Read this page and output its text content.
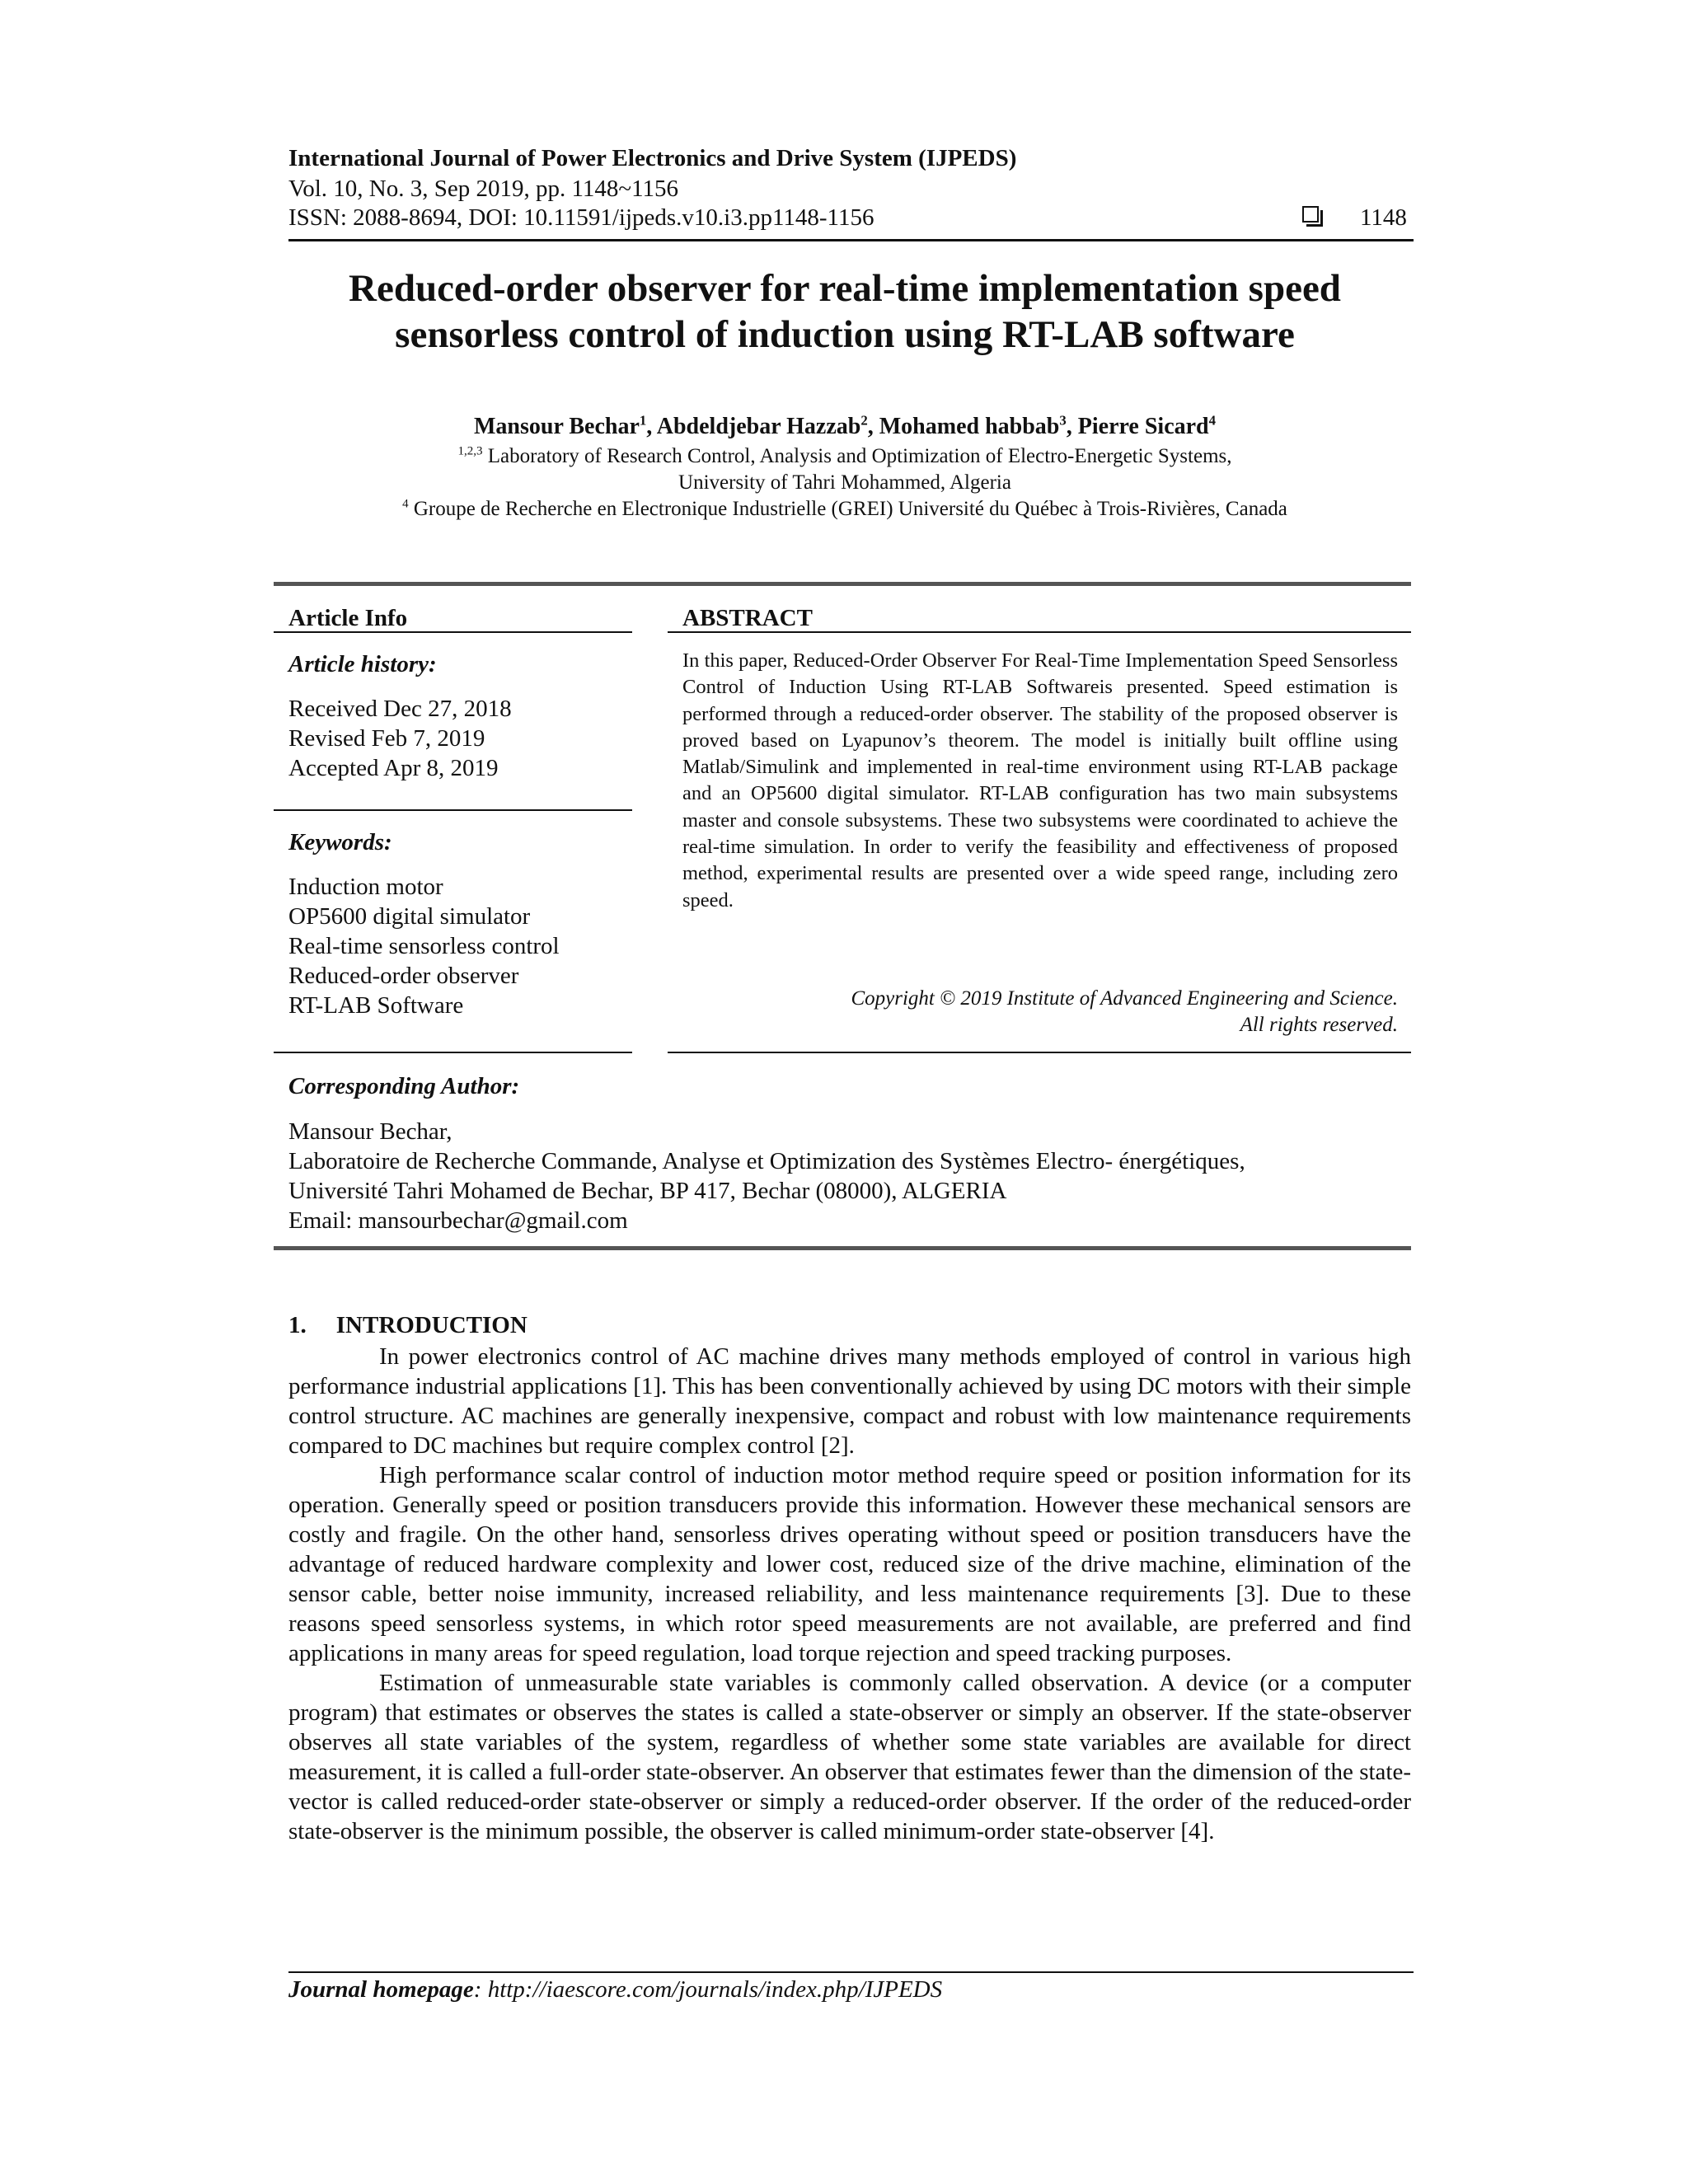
International Journal of Power Electronics and Drive System (IJPEDS)
Vol. 10, No. 3, Sep 2019, pp. 1148~1156
ISSN: 2088-8694, DOI: 10.11591/ijpeds.v10.i3.pp1148-1156	1148
Reduced-order observer for real-time implementation speed
sensorless control of induction using RT-LAB software
Mansour Bechar$^1$, Abdeldjebar Hazzab$^2$, Mohamed habbab$^3$, Pierre Sicard$^4$
$^{1,2,3}$ Laboratory of Research Control, Analysis and Optimization of Electro-Energetic Systems,
University of Tahri Mohammed, Algeria
$^4$ Groupe de Recherche en Electronique Industrielle (GREI) Université du Québec à Trois-Rivières, Canada
Article Info
Article history:
Received Dec 27, 2018
Revised Feb 7, 2019
Accepted Apr 8, 2019
Keywords:
Induction motor
OP5600 digital simulator
Real-time sensorless control
Reduced-order observer
RT-LAB Software
ABSTRACT
In this paper, Reduced-Order Observer For Real-Time Implementation Speed Sensorless Control of Induction Using RT-LAB Softwareis presented. Speed estimation is performed through a reduced-order observer. The stability of the proposed observer is proved based on Lyapunov’s theorem. The model is initially built offline using Matlab/Simulink and implemented in real-time environment using RT-LAB package and an OP5600 digital simulator. RT-LAB configuration has two main subsystems master and console subsystems. These two subsystems were coordinated to achieve the real-time simulation. In order to verify the feasibility and effectiveness of proposed method, experimental results are presented over a wide speed range, including zero speed.
Copyright © 2019 Institute of Advanced Engineering and Science.
All rights reserved.
Corresponding Author:
Mansour Bechar,
Laboratoire de Recherche Commande, Analyse et Optimization des Systèmes Electro- énergétiques,
Université Tahri Mohamed de Bechar, BP 417, Bechar (08000), ALGERIA
Email: mansourbechar@gmail.com
1. INTRODUCTION

In power electronics control of AC machine drives many methods employed of control in various high performance industrial applications [1]. This has been conventionally achieved by using DC motors with their simple control structure. AC machines are generally inexpensive, compact and robust with low maintenance requirements compared to DC machines but require complex control [2].

High performance scalar control of induction motor method require speed or position information for its operation. Generally speed or position transducers provide this information. However these mechanical sensors are costly and fragile. On the other hand, sensorless drives operating without speed or position transducers have the advantage of reduced hardware complexity and lower cost, reduced size of the drive machine, elimination of the sensor cable, better noise immunity, increased reliability, and less maintenance requirements [3]. Due to these reasons speed sensorless systems, in which rotor speed measurements are not available, are preferred and find applications in many areas for speed regulation, load torque rejection and speed tracking purposes.

Estimation of unmeasurable state variables is commonly called observation. A device (or a computer program) that estimates or observes the states is called a state-observer or simply an observer. If the state-observer observes all state variables of the system, regardless of whether some state variables are available for direct measurement, it is called a full-order state-observer. An observer that estimates fewer than the dimension of the state-vector is called reduced-order state-observer or simply a reduced-order observer. If the order of the reduced-order state-observer is the minimum possible, the observer is called minimum-order state-observer [4].

Journal homepage: http://iaescore.com/journals/index.php/IJPEDS
